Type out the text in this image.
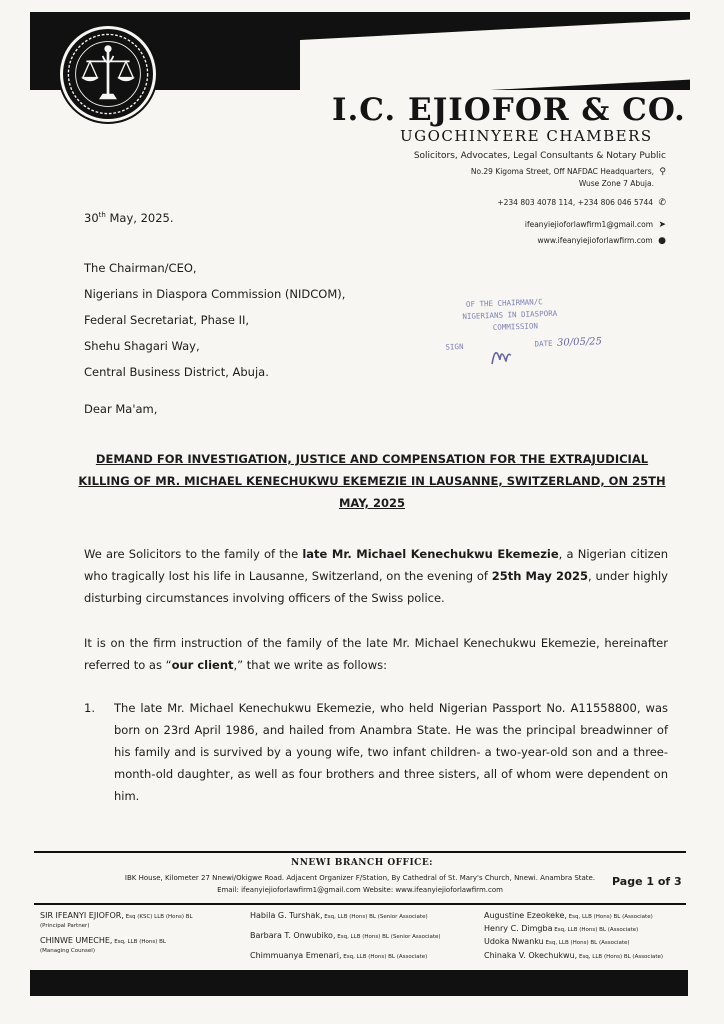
I.C. EJIOFOR & CO.
UGOCHINYERE CHAMBERS
Solicitors, Advocates, Legal Consultants & Notary Public
No.29 Kigoma Street, Off NAFDAC Headquarters, ⚲
Wuse Zone 7 Abuja.
+234 803 4078 114, +234 806 046 5744 ✆
ifeanyiejioforlawfirm1@gmail.com ➤
www.ifeanyiejioforlawfirm.com ●
30th May, 2025.
The Chairman/CEO,
Nigerians in Diaspora Commission (NIDCOM),
Federal Secretariat, Phase II,
Shehu Shagari Way,
Central Business District, Abuja.
OF THE CHAIRMAN/C
NIGERIANS IN DIASPORA
COMMISSION
SIGN	DATE 30/05/25
Dear Ma'am,
DEMAND FOR INVESTIGATION, JUSTICE AND COMPENSATION FOR THE EXTRAJUDICIAL KILLING OF MR. MICHAEL KENECHUKWU EKEMEZIE IN LAUSANNE, SWITZERLAND, ON 25TH MAY, 2025
We are Solicitors to the family of the late Mr. Michael Kenechukwu Ekemezie, a Nigerian citizen who tragically lost his life in Lausanne, Switzerland, on the evening of 25th May 2025, under highly disturbing circumstances involving officers of the Swiss police.
It is on the firm instruction of the family of the late Mr. Michael Kenechukwu Ekemezie, hereinafter referred to as “our client,” that we write as follows:
1. The late Mr. Michael Kenechukwu Ekemezie, who held Nigerian Passport No. A11558800, was born on 23rd April 1986, and hailed from Anambra State. He was the principal breadwinner of his family and is survived by a young wife, two infant children- a two-year-old son and a three-month-old daughter, as well as four brothers and three sisters, all of whom were dependent on him.
NNEWI BRANCH OFFICE:
IBK House, Kilometer 27 Nnewi/Okigwe Road. Adjacent Organizer F/Station, By Cathedral of St. Mary's Church, Nnewi. Anambra State.
Email: ifeanyiejioforlawfirm1@gmail.com Website: www.ifeanyiejioforlawfirm.com
Page 1 of 3
SIR IFEANYI EJIOFOR, Esq (KSC) LLB (Hons) BL
(Principal Partner)
CHINWE UMECHE, Esq, LLB (Hons) BL
(Managing Counsel)
Habila G. Turshak, Esq, LLB (Hons) BL (Senior Associate)
Barbara T. Onwubiko, Esq, LLB (Hons) BL (Senior Associate)
Chimmuanya Emenari, Esq, LLB (Hons) BL (Associate)
Augustine Ezeokeke, Esq, LLB (Hons) BL (Associate)
Henry C. Dimgba Esq, LLB (Hons) BL (Associate)
Udoka Nwanku Esq, LLB (Hons) BL (Associate)
Chinaka V. Okechukwu, Esq, LLB (Hons) BL (Associate)
